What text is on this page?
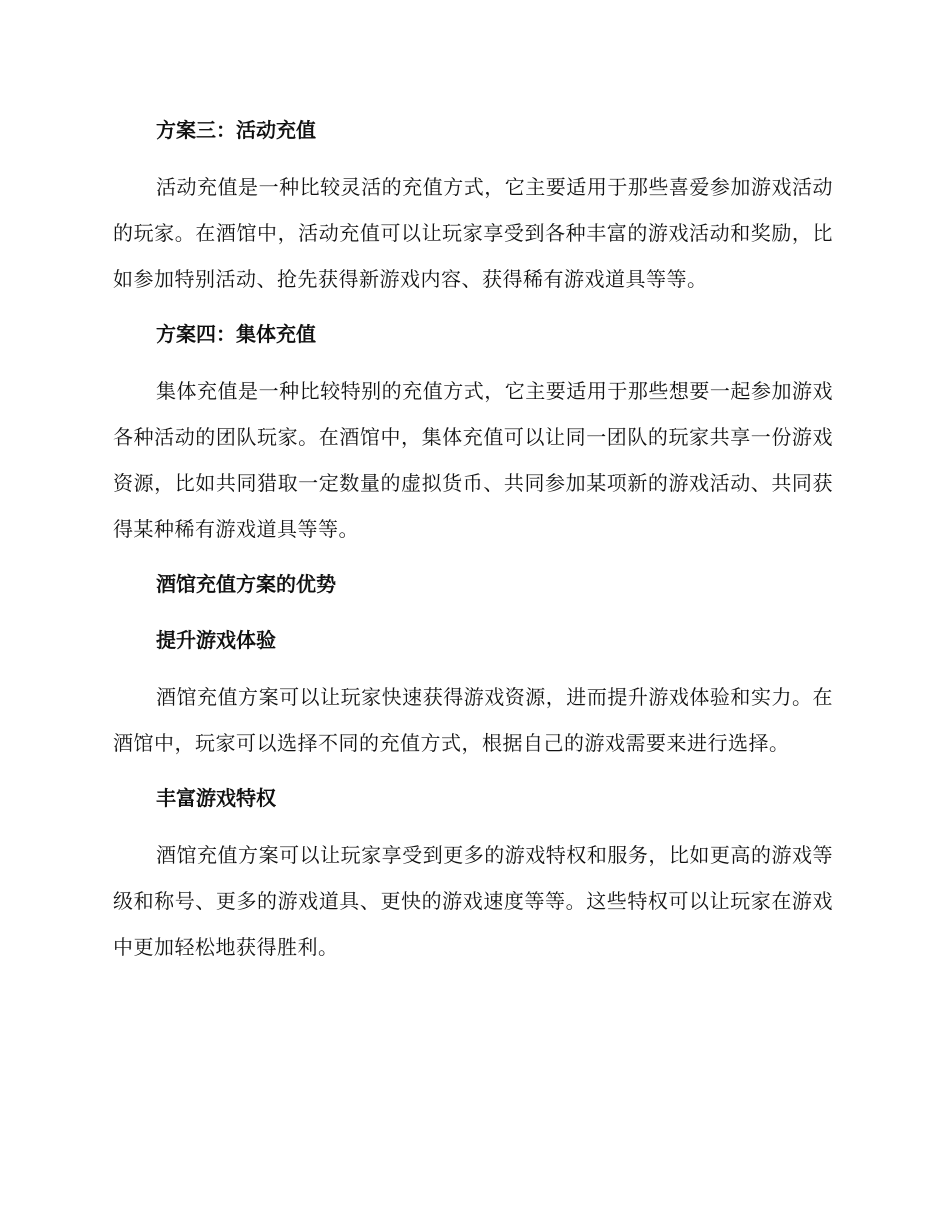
方案三：活动充值

活动充值是一种比较灵活的充值方式，它主要适用于那些喜爱参加游戏活动的玩家。在酒馆中，活动充值可以让玩家享受到各种丰富的游戏活动和奖励，比如参加特别活动、抢先获得新游戏内容、获得稀有游戏道具等等。

方案四：集体充值

集体充值是一种比较特别的充值方式，它主要适用于那些想要一起参加游戏各种活动的团队玩家。在酒馆中，集体充值可以让同一团队的玩家共享一份游戏资源，比如共同猎取一定数量的虚拟货币、共同参加某项新的游戏活动、共同获得某种稀有游戏道具等等。

酒馆充值方案的优势
提升游戏体验

酒馆充值方案可以让玩家快速获得游戏资源，进而提升游戏体验和实力。在酒馆中，玩家可以选择不同的充值方式，根据自己的游戏需要来进行选择。

丰富游戏特权

酒馆充值方案可以让玩家享受到更多的游戏特权和服务，比如更高的游戏等级和称号、更多的游戏道具、更快的游戏速度等等。这些特权可以让玩家在游戏中更加轻松地获得胜利。
